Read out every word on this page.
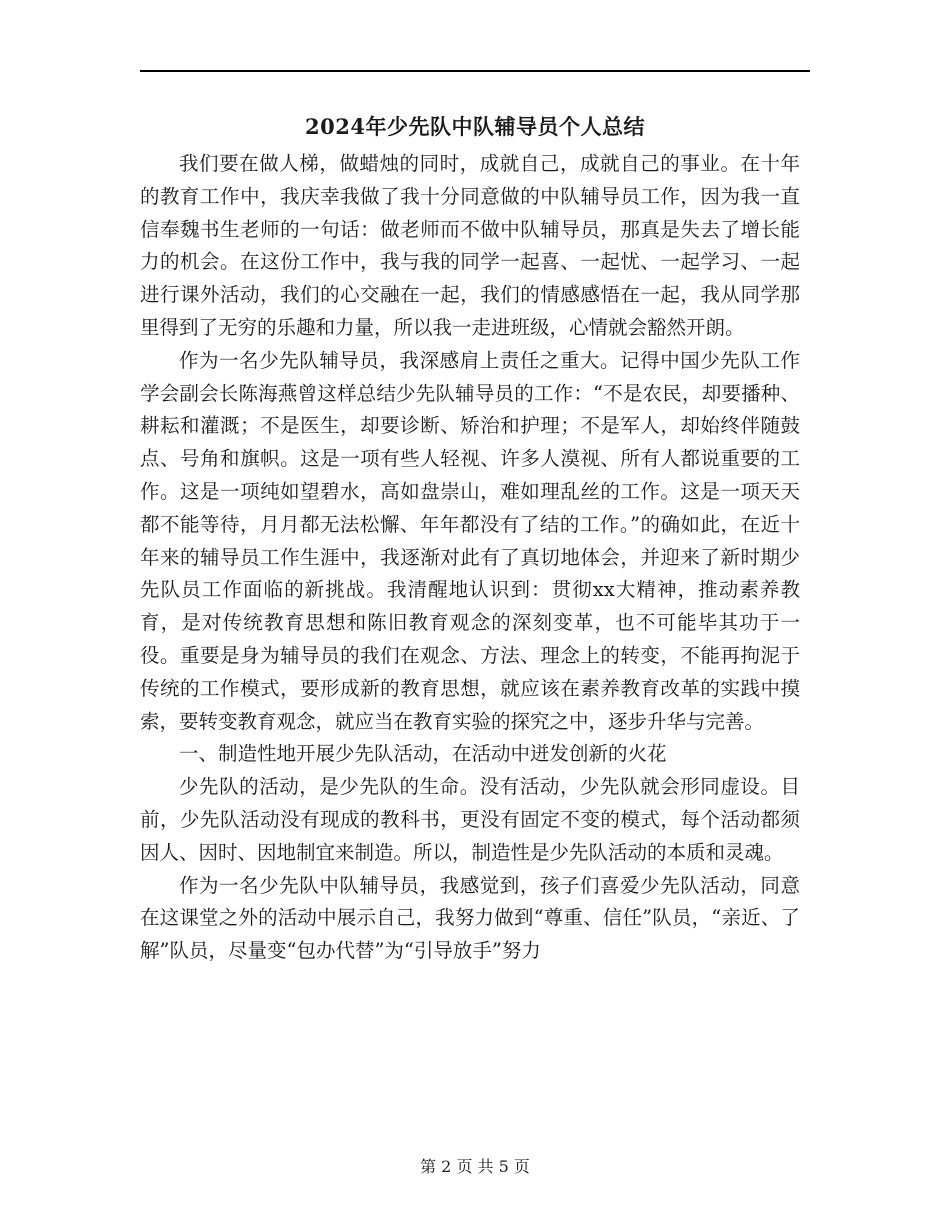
2024年少先队中队辅导员个人总结

我们要在做人梯，做蜡烛的同时，成就自己，成就自己的事业。在十年的教育工作中，我庆幸我做了我十分同意做的中队辅导员工作，因为我一直信奉魏书生老师的一句话：做老师而不做中队辅导员，那真是失去了增长能力的机会。在这份工作中，我与我的同学一起喜、一起忧、一起学习、一起进行课外活动，我们的心交融在一起，我们的情感感悟在一起，我从同学那里得到了无穷的乐趣和力量，所以我一走进班级，心情就会豁然开朗。

作为一名少先队辅导员，我深感肩上责任之重大。记得中国少先队工作学会副会长陈海燕曾这样总结少先队辅导员的工作：“不是农民，却要播种、耕耘和灌溉；不是医生，却要诊断、矫治和护理；不是军人，却始终伴随鼓点、号角和旗帜。这是一项有些人轻视、许多人漠视、所有人都说重要的工作。这是一项纯如望碧水，高如盘崇山，难如理乱丝的工作。这是一项天天都不能等待，月月都无法松懈、年年都没有了结的工作。”的确如此，在近十年来的辅导员工作生涯中，我逐渐对此有了真切地体会，并迎来了新时期少先队员工作面临的新挑战。我清醒地认识到：贯彻xx大精神，推动素养教育，是对传统教育思想和陈旧教育观念的深刻变革，也不可能毕其功于一役。重要是身为辅导员的我们在观念、方法、理念上的转变，不能再拘泥于传统的工作模式，要形成新的教育思想，就应该在素养教育改革的实践中摸索，要转变教育观念，就应当在教育实验的探究之中，逐步升华与完善。

一、制造性地开展少先队活动，在活动中迸发创新的火花

少先队的活动，是少先队的生命。没有活动，少先队就会形同虚设。目前，少先队活动没有现成的教科书，更没有固定不变的模式，每个活动都须因人、因时、因地制宜来制造。所以，制造性是少先队活动的本质和灵魂。

作为一名少先队中队辅导员，我感觉到，孩子们喜爱少先队活动，同意在这课堂之外的活动中展示自己，我努力做到“尊重、信任”队员，“亲近、了解”队员，尽量变“包办代替”为“引导放手”努力

第 2 页 共 5 页
